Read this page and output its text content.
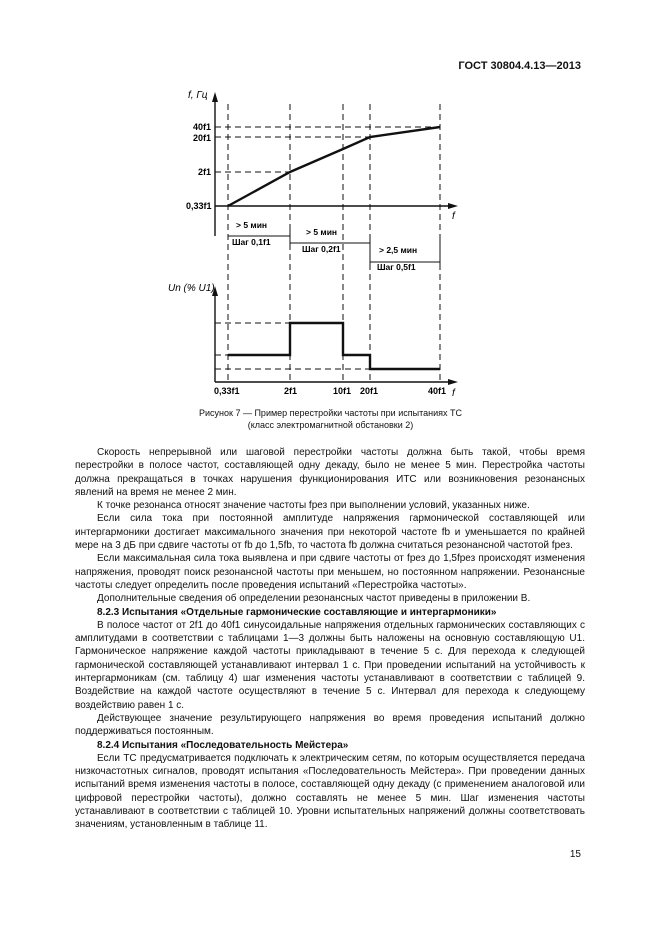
ГОСТ 30804.4.13—2013
f, Гц
f
40f1
20f1
2f1
0,33f1
> 5 мин
Шаг 0,1f1
> 5 мин
Шаг 0,2f1	> 2,5 мин
Шаг 0,5f1
Un (% U1)
f
0,33f1	2f1	10f1 20f1	40f1
Рисунок 7 — Пример перестройки частоты при испытаниях ТС
(класс электромагнитной обстановки 2)

Скорость непрерывной или шаговой перестройки частоты должна быть такой, чтобы время перестройки в полосе частот, составляющей одну декаду, было не менее 5 мин. Перестройка частоты должна прекращаться в точках нарушения функционирования ИТС или возникновения резонансных явлений на время не менее 2 мин.

К точке резонанса относят значение частоты fрез при выполнении условий, указанных ниже.

Если сила тока при постоянной амплитуде напряжения гармонической составляющей или интергармоники достигает максимального значения при некоторой частоте fb и уменьшается по крайней мере на 3 дБ при сдвиге частоты от fb до 1,5fb, то частота fb должна считаться резонансной частотой fрез.

Если максимальная сила тока выявлена и при сдвиге частоты от fрез до 1,5fрез происходят изменения напряжения, проводят поиск резонансной частоты при меньшем, но постоянном напряжении. Резонансные частоты следует определить после проведения испытаний «Перестройка частоты».

Дополнительные сведения об определении резонансных частот приведены в приложении В.

8.2.3 Испытания «Отдельные гармонические составляющие и интергармоники»

В полосе частот от 2f1 до 40f1 синусоидальные напряжения отдельных гармонических составляющих с амплитудами в соответствии с таблицами 1—3 должны быть наложены на основную составляющую U1. Гармоническое напряжение каждой частоты прикладывают в течение 5 с. Для перехода к следующей гармонической составляющей устанавливают интервал 1 с. При проведении испытаний на устойчивость к интергармоникам (см. таблицу 4) шаг изменения частоты устанавливают в соответствии с таблицей 9. Воздействие на каждой частоте осуществляют в течение 5 с. Интервал для перехода к следующему воздействию равен 1 с.

Действующее значение результирующего напряжения во время проведения испытаний должно поддерживаться постоянным.

8.2.4 Испытания «Последовательность Мейстера»

Если ТС предусматривается подключать к электрическим сетям, по которым осуществляется передача низкочастотных сигналов, проводят испытания «Последовательность Мейстера». При проведении данных испытаний время изменения частоты в полосе, составляющей одну декаду (с применением аналоговой или цифровой перестройки частоты), должно составлять не менее 5 мин. Шаг изменения частоты устанавливают в соответствии с таблицей 10. Уровни испытательных напряжений должны соответствовать значениям, установленным в таблице 11.

15
